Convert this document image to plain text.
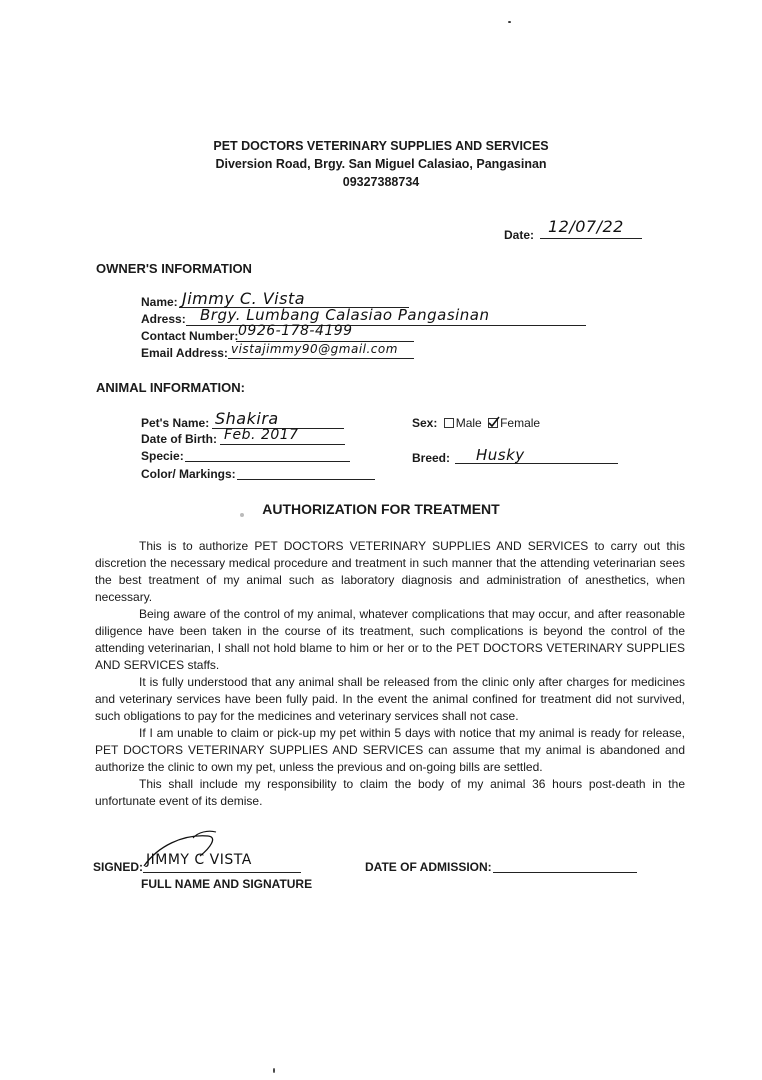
PET DOCTORS VETERINARY SUPPLIES AND SERVICES
Diversion Road, Brgy. San Miguel Calasiao, Pangasinan
09327388734
Date: 12/07/22
OWNER'S INFORMATION
Name: Jimmy C. Vista
Adress: Brgy. Lumbang Calasiao Pangasinan
Contact Number: 0926-178-4199
Email Address: vistajimmy90@gmail.com
ANIMAL INFORMATION:
Pet's Name: Shakira
Date of Birth: Feb. 2017
Specie:
Color/ Markings:
Sex: Male Female
Breed: Husky
AUTHORIZATION FOR TREATMENT

This is to authorize PET DOCTORS VETERINARY SUPPLIES AND SERVICES to carry out this discretion the necessary medical procedure and treatment in such manner that the attending veterinarian sees the best treatment of my animal such as laboratory diagnosis and administration of anesthetics, when necessary.

Being aware of the control of my animal, whatever complications that may occur, and after reasonable diligence have been taken in the course of its treatment, such complications is beyond the control of the attending veterinarian, I shall not hold blame to him or her or to the PET DOCTORS VETERINARY SUPPLIES AND SERVICES staffs.

It is fully understood that any animal shall be released from the clinic only after charges for medicines and veterinary services have been fully paid. In the event the animal confined for treatment did not survived, such obligations to pay for the medicines and veterinary services shall not case.

If I am unable to claim or pick-up my pet within 5 days with notice that my animal is ready for release, PET DOCTORS VETERINARY SUPPLIES AND SERVICES can assume that my animal is abandoned and authorize the clinic to own my pet, unless the previous and on-going bills are settled.

This shall include my responsibility to claim the body of my animal 36 hours post-death in the unfortunate event of its demise.

SIGNED: JIMMY C VISTA
FULL NAME AND SIGNATURE
DATE OF ADMISSION:
